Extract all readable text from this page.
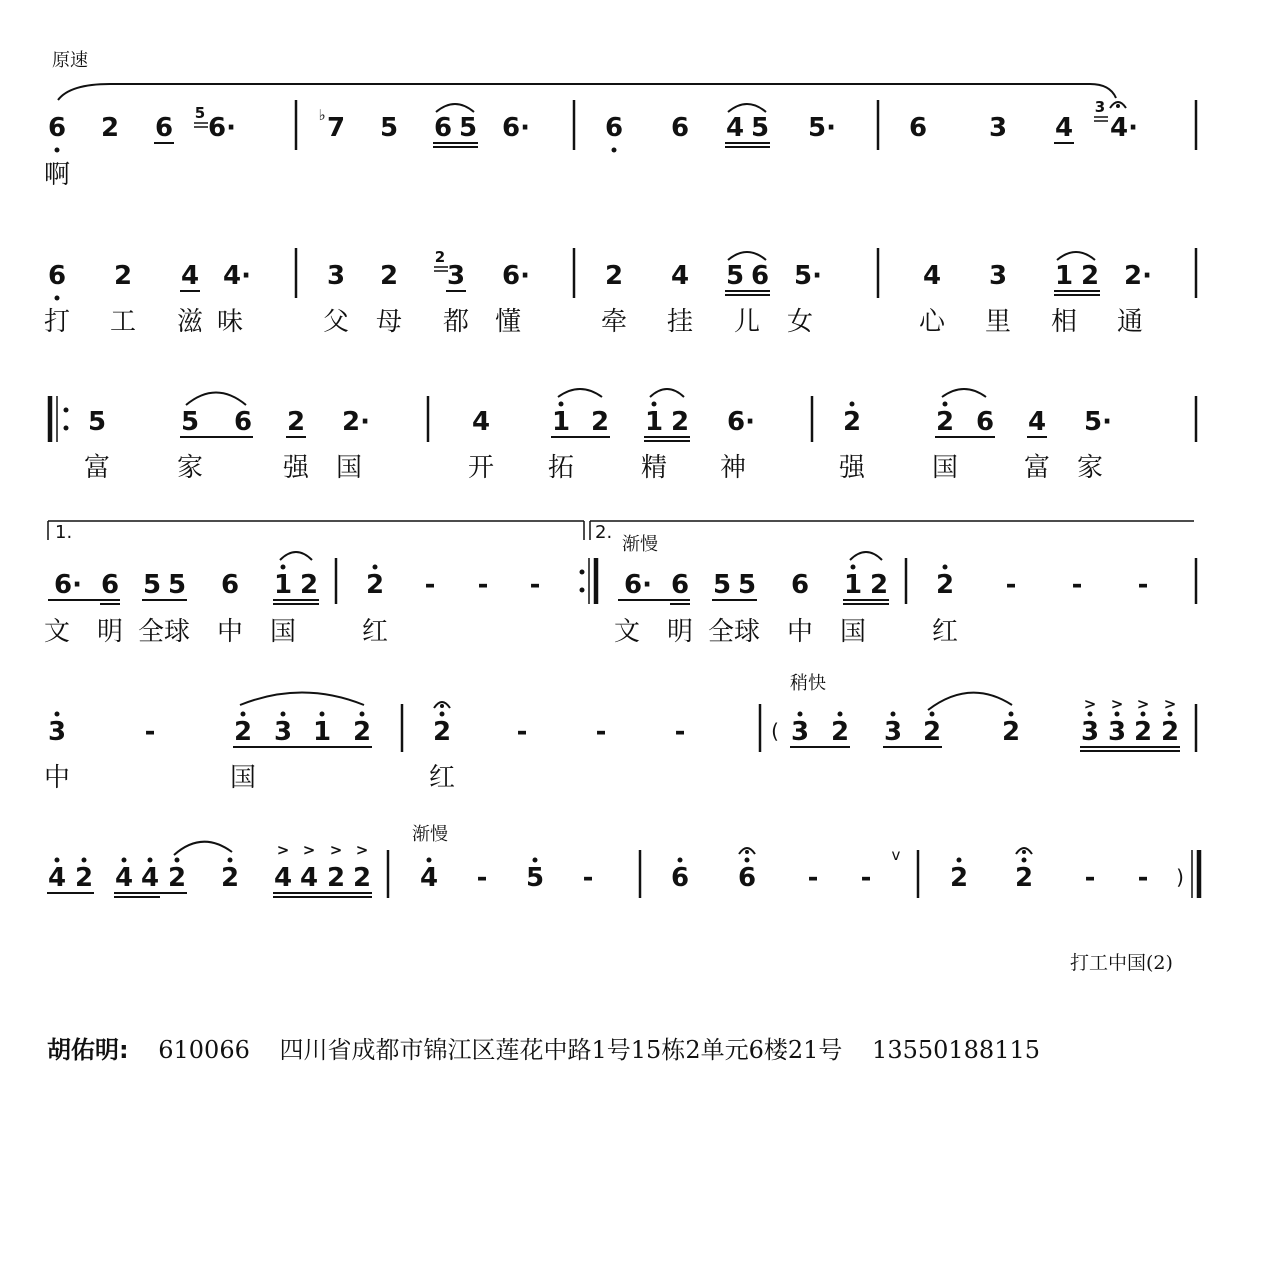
原速
渐慢
稍快
渐慢
6 2 6 5 6·	♭ 7 5 6 5 6·	6 6 4 5 5·	6 3 4
3
4·
啊
6 2 4 4·	3 2
2
3 6·	2 4 5 6 5·	4 3 1 2 2·
打 工 滋 味	父 母 都 懂	牵 挂 儿 女	心 里 相 通
5	5 6 2 2·	4 1 2 1 2 6·	2	2 6 4 5·
富	家	强 国	开 拓	精 神	强	国	富 家
1.	2.
6· 6 5 5 6 1 2 2 - - -	6· 6 5 5 6 1 2 2 - - -
文 明 全球 中 国	红	文 明 全球 中 国	红
3	-	2 3 1 2 2	-	-	-	( 3 2 3 2 2 3 3 2 2
> > > >
中	国	红
4 2 4 4 2 2 4 4 2 2 4 - 5 -	6 6 - -
v
2 2 - - )
> > > >
打工中国(2)
胡佑明: 610066 四川省成都市锦江区莲花中路1号15栋2单元6楼21号 13550188115
